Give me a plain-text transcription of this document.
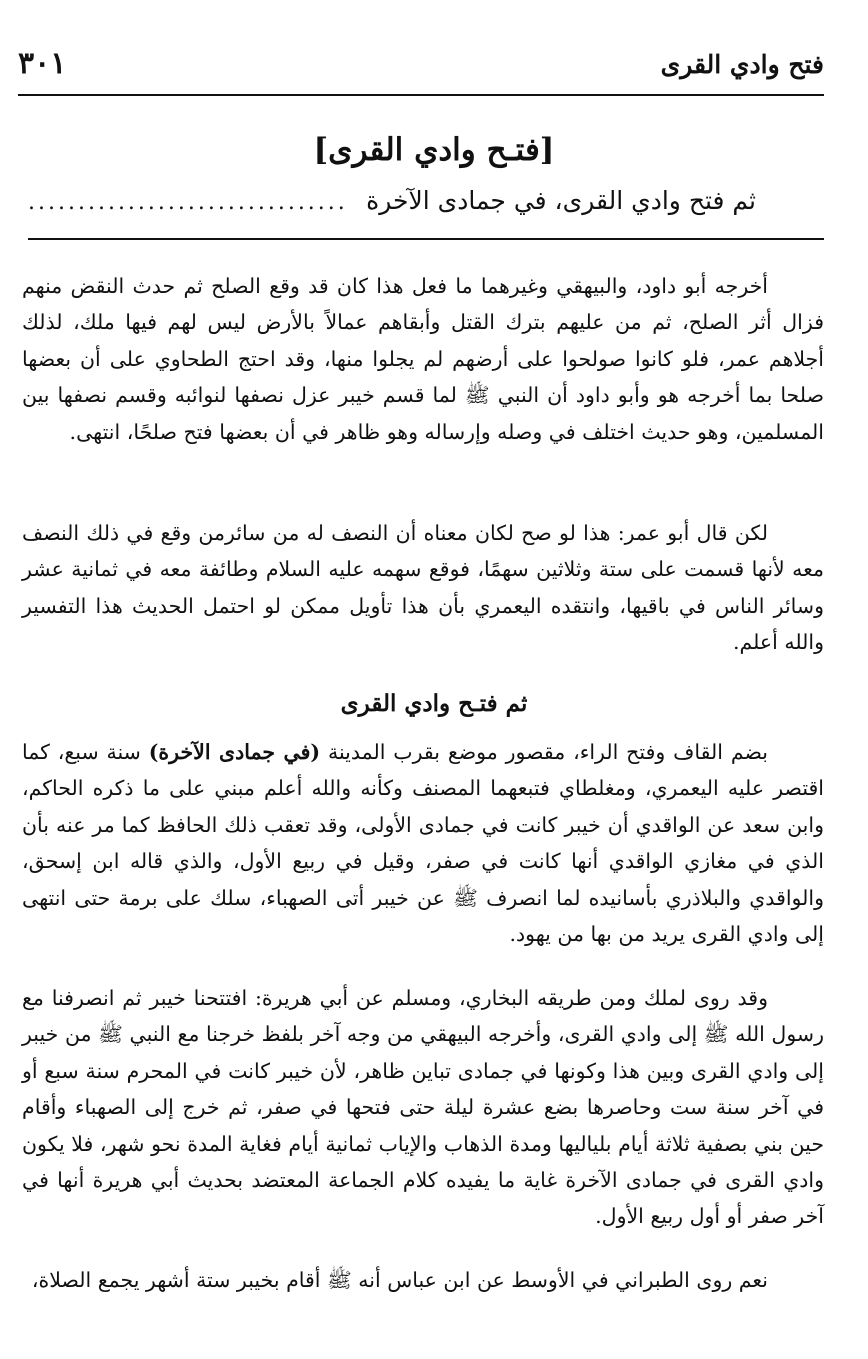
٣٠١	فتح وادي القرى
[فتـح وادي القرى]
ثم فتح وادي القرى، في جمادى الآخرة
................................

أخرجه أبو داود، والبيهقي وغيرهما ما فعل هذا كان قد وقع الصلح ثم حدث النقض منهم فزال أثر الصلح، ثم من عليهم بترك القتل وأبقاهم عمالاً بالأرض ليس لهم فيها ملك، لذلك أجلاهم عمر، فلو كانوا صولحوا على أرضهم لم يجلوا منها، وقد احتج الطحاوي على أن بعضها صلحا بما أخرجه هو وأبو داود أن النبي ﷺ لما قسم خيبر عزل نصفها لنوائبه وقسم نصفها بين المسلمين، وهو حديث اختلف في وصله وإرساله وهو ظاهر في أن بعضها فتح صلحًا، انتهى.

لكن قال أبو عمر: هذا لو صح لكان معناه أن النصف له من سائرمن وقع في ذلك النصف معه لأنها قسمت على ستة وثلاثين سهمًا، فوقع سهمه عليه السلام وطائفة معه في ثمانية عشر وسائر الناس في باقيها، وانتقده اليعمري بأن هذا تأويل ممكن لو احتمل الحديث هذا التفسير والله أعلم.

ثم فتـح وادي القرى

بضم القاف وفتح الراء، مقصور موضع بقرب المدينة (في جمادى الآخرة) سنة سبع، كما اقتصر عليه اليعمري، ومغلطاي فتبعهما المصنف وكأنه والله أعلم مبني على ما ذكره الحاكم، وابن سعد عن الواقدي أن خيبر كانت في جمادى الأولى، وقد تعقب ذلك الحافظ كما مر عنه بأن الذي في مغازي الواقدي أنها كانت في صفر، وقيل في ربيع الأول، والذي قاله ابن إسحق، والواقدي والبلاذري بأسانيده لما انصرف ﷺ عن خيبر أتى الصهباء، سلك على برمة حتى انتهى إلى وادي القرى يريد من بها من يهود.

وقد روى لملك ومن طريقه البخاري، ومسلم عن أبي هريرة: افتتحنا خيبر ثم انصرفنا مع رسول الله ﷺ إلى وادي القرى، وأخرجه البيهقي من وجه آخر بلفظ خرجنا مع النبي ﷺ من خيبر إلى وادي القرى وبين هذا وكونها في جمادى تباين ظاهر، لأن خيبر كانت في المحرم سنة سبع أو في آخر سنة ست وحاصرها بضع عشرة ليلة حتى فتحها في صفر، ثم خرج إلى الصهباء وأقام حين بني بصفية ثلاثة أيام بلياليها ومدة الذهاب والإياب ثمانية أيام فغاية المدة نحو شهر، فلا يكون وادي القرى في جمادى الآخرة غاية ما يفيده كلام الجماعة المعتضد بحديث أبي هريرة أنها في آخر صفر أو أول ربيع الأول.

نعم روى الطبراني في الأوسط عن ابن عباس أنه ﷺ أقام بخيبر ستة أشهر يجمع الصلاة،
